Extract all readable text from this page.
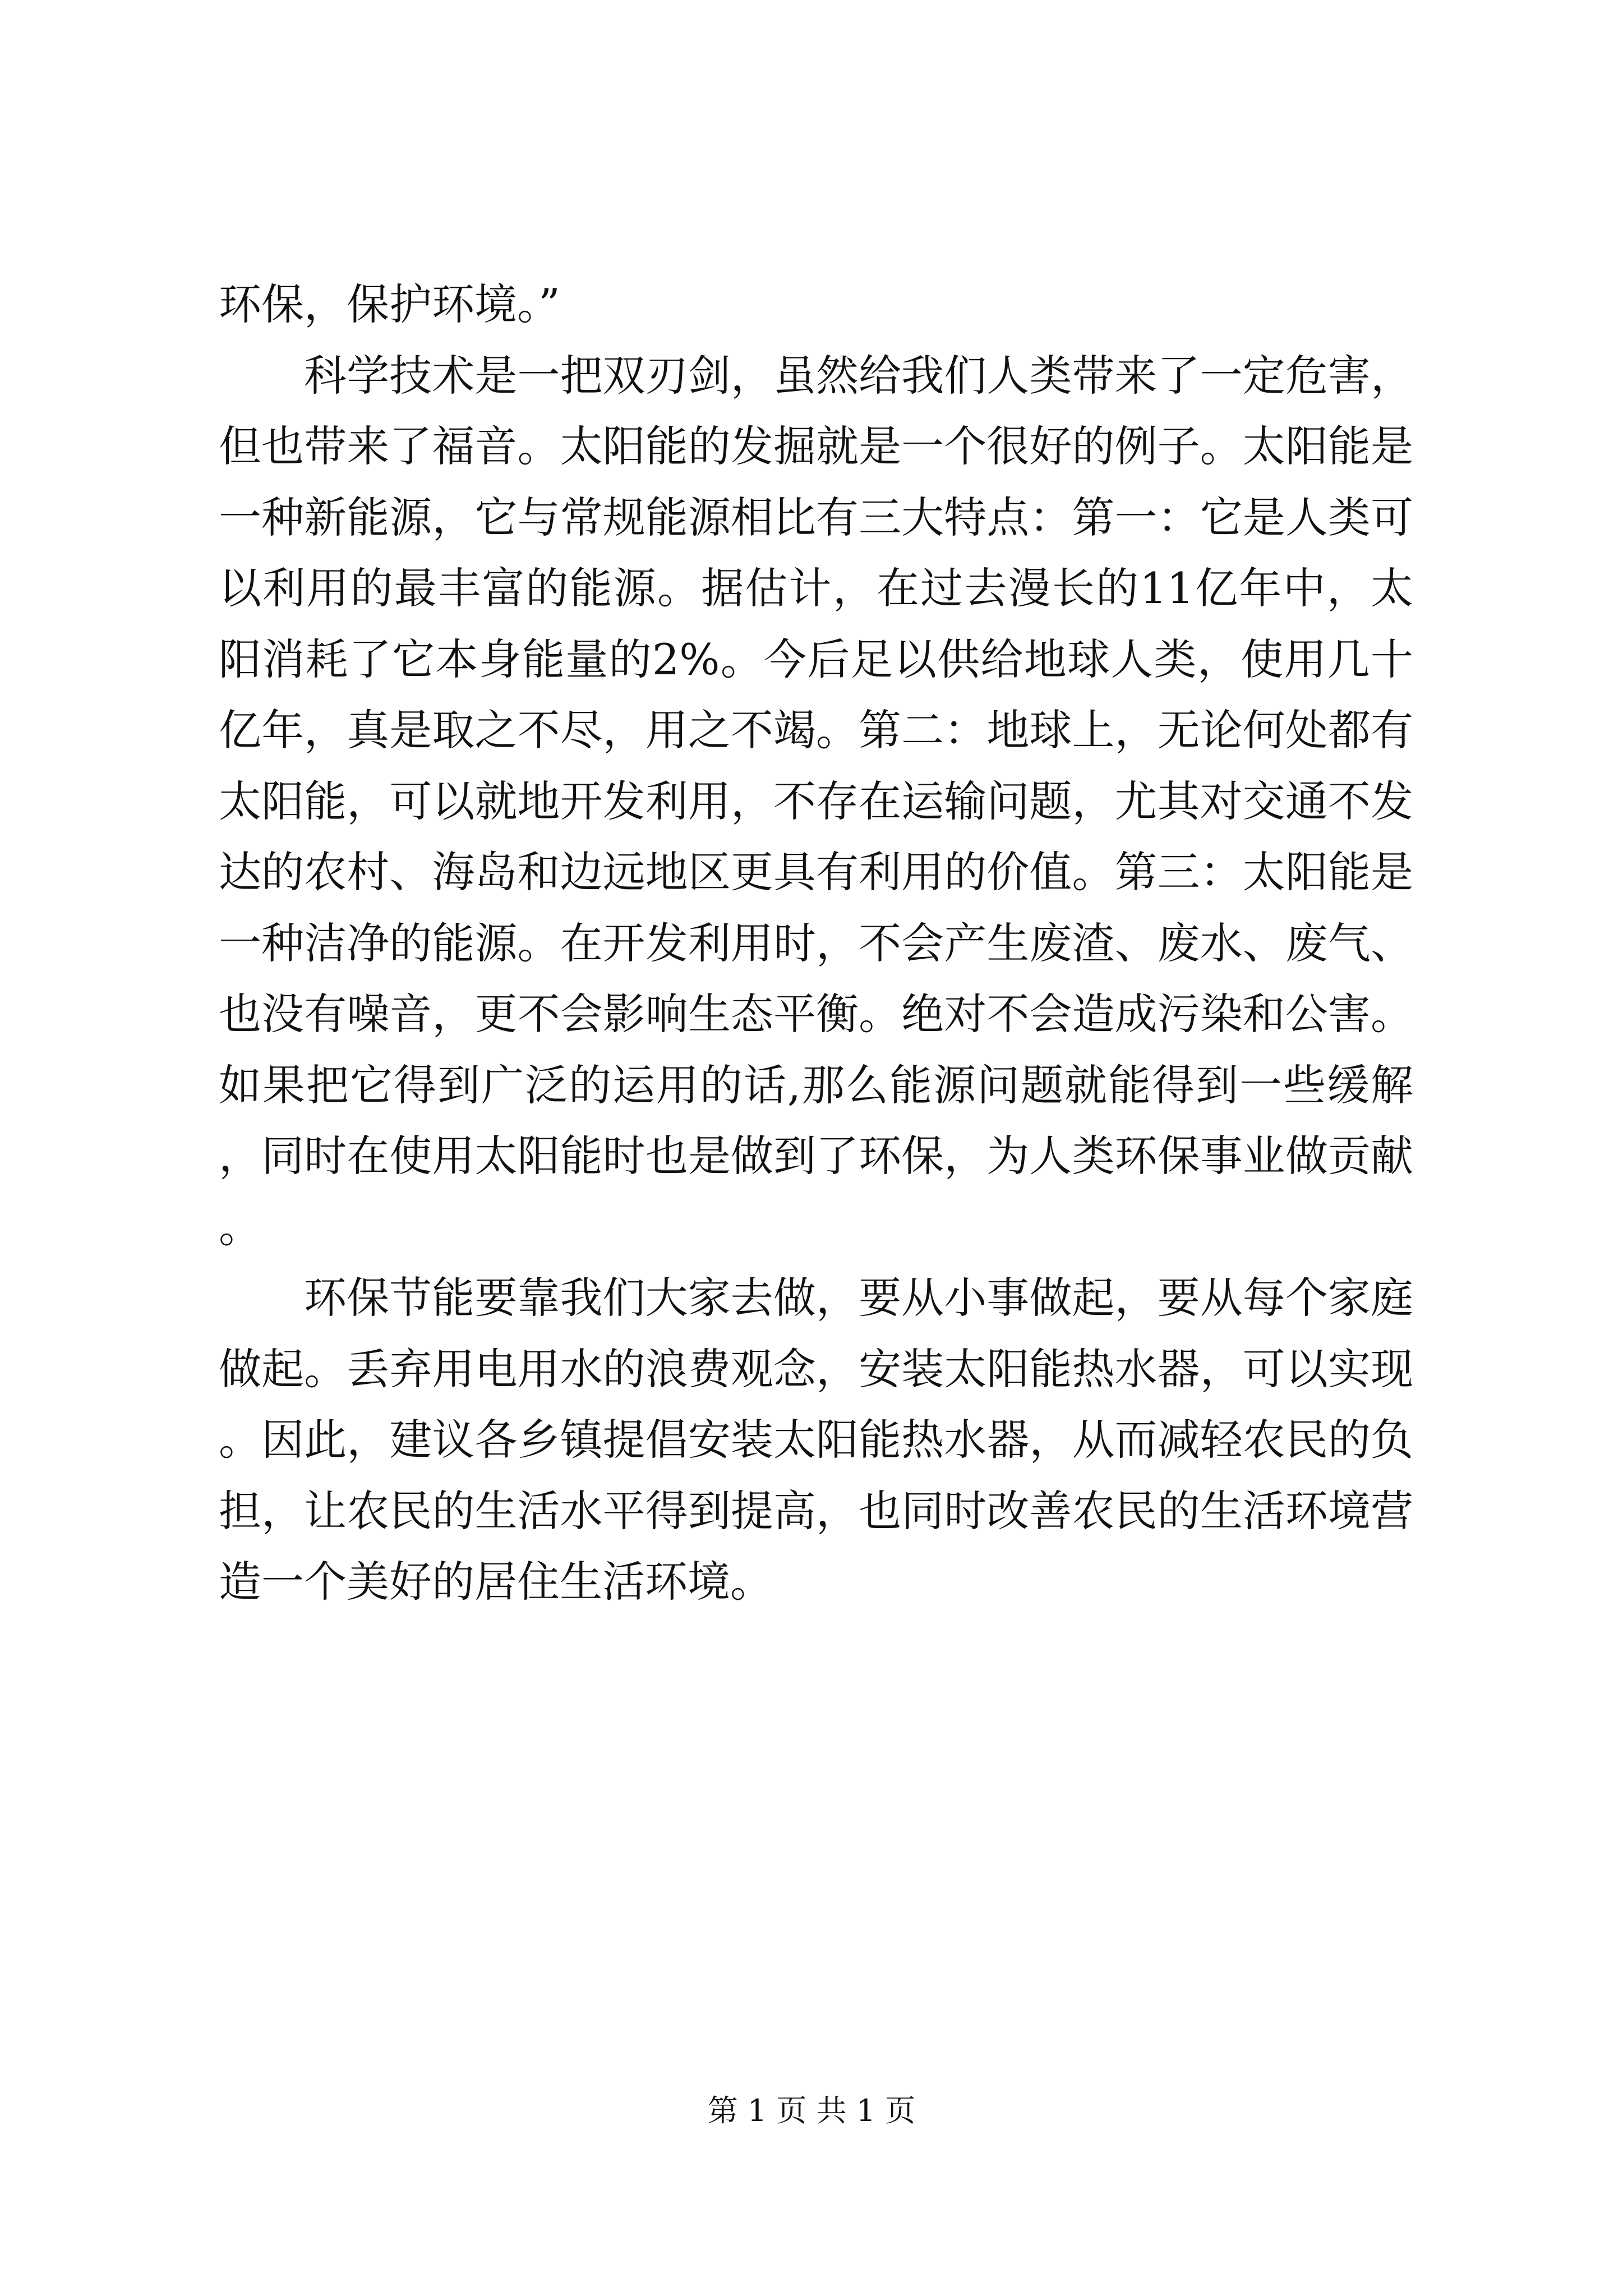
环保，保护环境。”

科学技术是一把双刃剑，虽然给我们人类带来了一定危害，但也带来了福音。太阳能的发掘就是一个很好的例子。太阳能是一种新能源，它与常规能源相比有三大特点：第一：它是人类可以利用的最丰富的能源。据估计，在过去漫长的11亿年中，太阳消耗了它本身能量的2%。今后足以供给地球人类，使用几十亿年，真是取之不尽，用之不竭。第二：地球上，无论何处都有太阳能，可以就地开发利用，不存在运输问题，尤其对交通不发达的农村、海岛和边远地区更具有利用的价值。第三：太阳能是一种洁净的能源。在开发利用时，不会产生废渣、废水、废气、也没有噪音，更不会影响生态平衡。绝对不会造成污染和公害。如果把它得到广泛的运用的话,那么能源问题就能得到一些缓解，同时在使用太阳能时也是做到了环保，为人类环保事业做贡献。

环保节能要靠我们大家去做，要从小事做起，要从每个家庭做起。丢弃用电用水的浪费观念，安装太阳能热水器，可以实现。因此，建议各乡镇提倡安装太阳能热水器，从而减轻农民的负担，让农民的生活水平得到提高，也同时改善农民的生活环境营造一个美好的居住生活环境。

第 1 页 共 1 页
